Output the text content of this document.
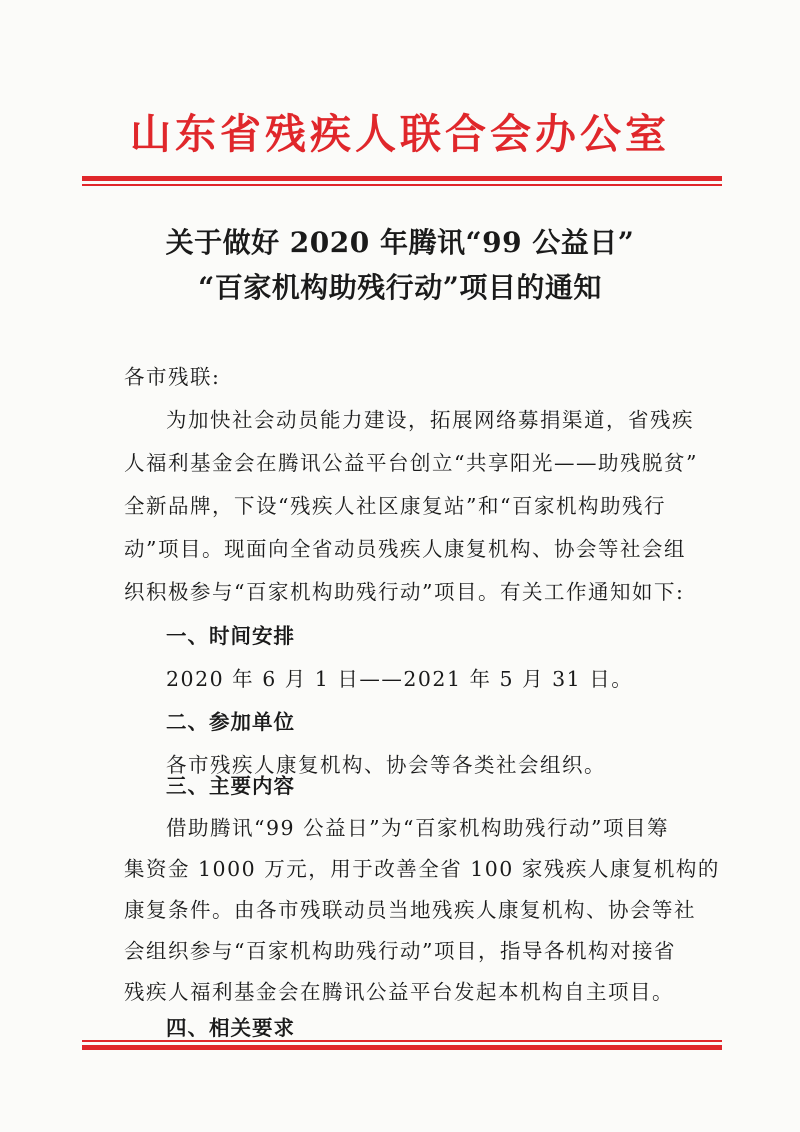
山东省残疾人联合会办公室
关于做好 2020 年腾讯“99 公益日”
“百家机构助残行动”项目的通知
各市残联:
为加快社会动员能力建设，拓展网络募捐渠道，省残疾
人福利基金会在腾讯公益平台创立“共享阳光——助残脱贫”
全新品牌，下设“残疾人社区康复站”和“百家机构助残行
动”项目。现面向全省动员残疾人康复机构、协会等社会组
织积极参与“百家机构助残行动”项目。有关工作通知如下:
一、时间安排
2020 年 6 月 1 日——2021 年 5 月 31 日。
二、参加单位
各市残疾人康复机构、协会等各类社会组织。
三、主要内容
借助腾讯“99 公益日”为“百家机构助残行动”项目筹
集资金 1000 万元，用于改善全省 100 家残疾人康复机构的
康复条件。由各市残联动员当地残疾人康复机构、协会等社
会组织参与“百家机构助残行动”项目，指导各机构对接省
残疾人福利基金会在腾讯公益平台发起本机构自主项目。
四、相关要求
